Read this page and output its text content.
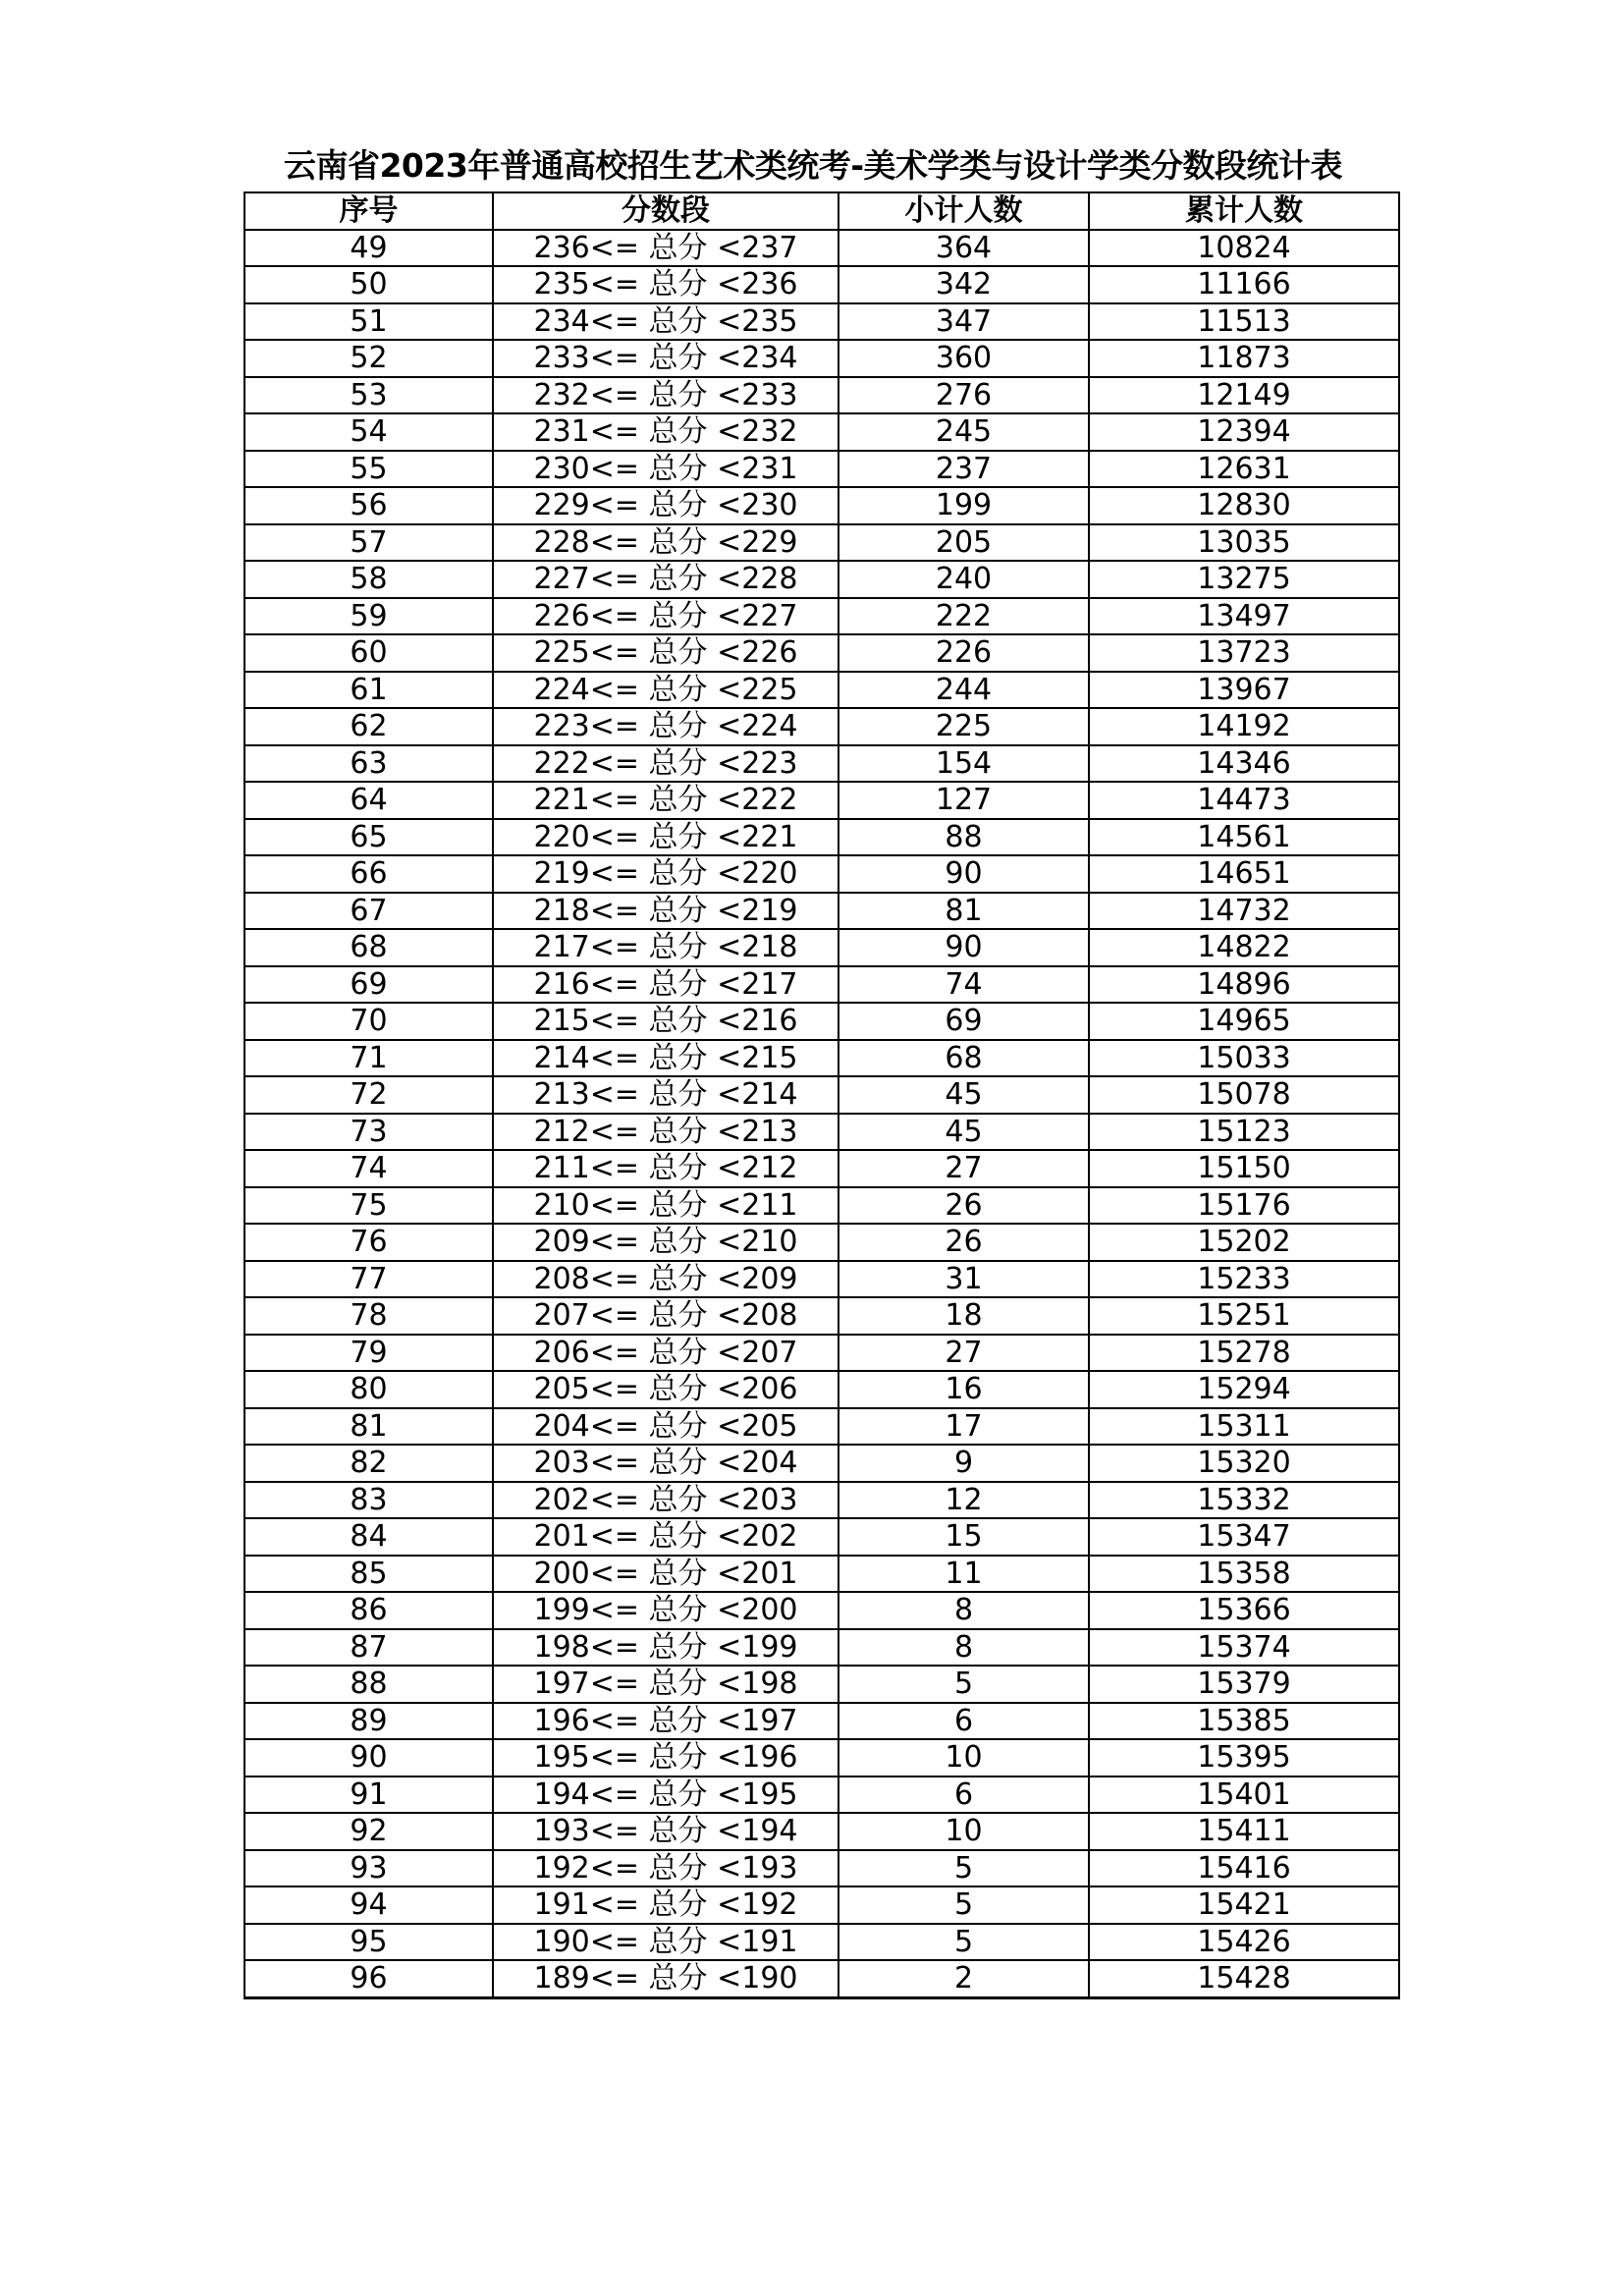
云南省2023年普通高校招生艺术类统考-美术学类与设计学类分数段统计表
序号	分数段	小计人数	累计人数
49	236<= 总分 <237	364	10824
50	235<= 总分 <236	342	11166
51	234<= 总分 <235	347	11513
52	233<= 总分 <234	360	11873
53	232<= 总分 <233	276	12149
54	231<= 总分 <232	245	12394
55	230<= 总分 <231	237	12631
56	229<= 总分 <230	199	12830
57	228<= 总分 <229	205	13035
58	227<= 总分 <228	240	13275
59	226<= 总分 <227	222	13497
60	225<= 总分 <226	226	13723
61	224<= 总分 <225	244	13967
62	223<= 总分 <224	225	14192
63	222<= 总分 <223	154	14346
64	221<= 总分 <222	127	14473
65	220<= 总分 <221	88	14561
66	219<= 总分 <220	90	14651
67	218<= 总分 <219	81	14732
68	217<= 总分 <218	90	14822
69	216<= 总分 <217	74	14896
70	215<= 总分 <216	69	14965
71	214<= 总分 <215	68	15033
72	213<= 总分 <214	45	15078
73	212<= 总分 <213	45	15123
74	211<= 总分 <212	27	15150
75	210<= 总分 <211	26	15176
76	209<= 总分 <210	26	15202
77	208<= 总分 <209	31	15233
78	207<= 总分 <208	18	15251
79	206<= 总分 <207	27	15278
80	205<= 总分 <206	16	15294
81	204<= 总分 <205	17	15311
82	203<= 总分 <204	9	15320
83	202<= 总分 <203	12	15332
84	201<= 总分 <202	15	15347
85	200<= 总分 <201	11	15358
86	199<= 总分 <200	8	15366
87	198<= 总分 <199	8	15374
88	197<= 总分 <198	5	15379
89	196<= 总分 <197	6	15385
90	195<= 总分 <196	10	15395
91	194<= 总分 <195	6	15401
92	193<= 总分 <194	10	15411
93	192<= 总分 <193	5	15416
94	191<= 总分 <192	5	15421
95	190<= 总分 <191	5	15426
96	189<= 总分 <190	2	15428
